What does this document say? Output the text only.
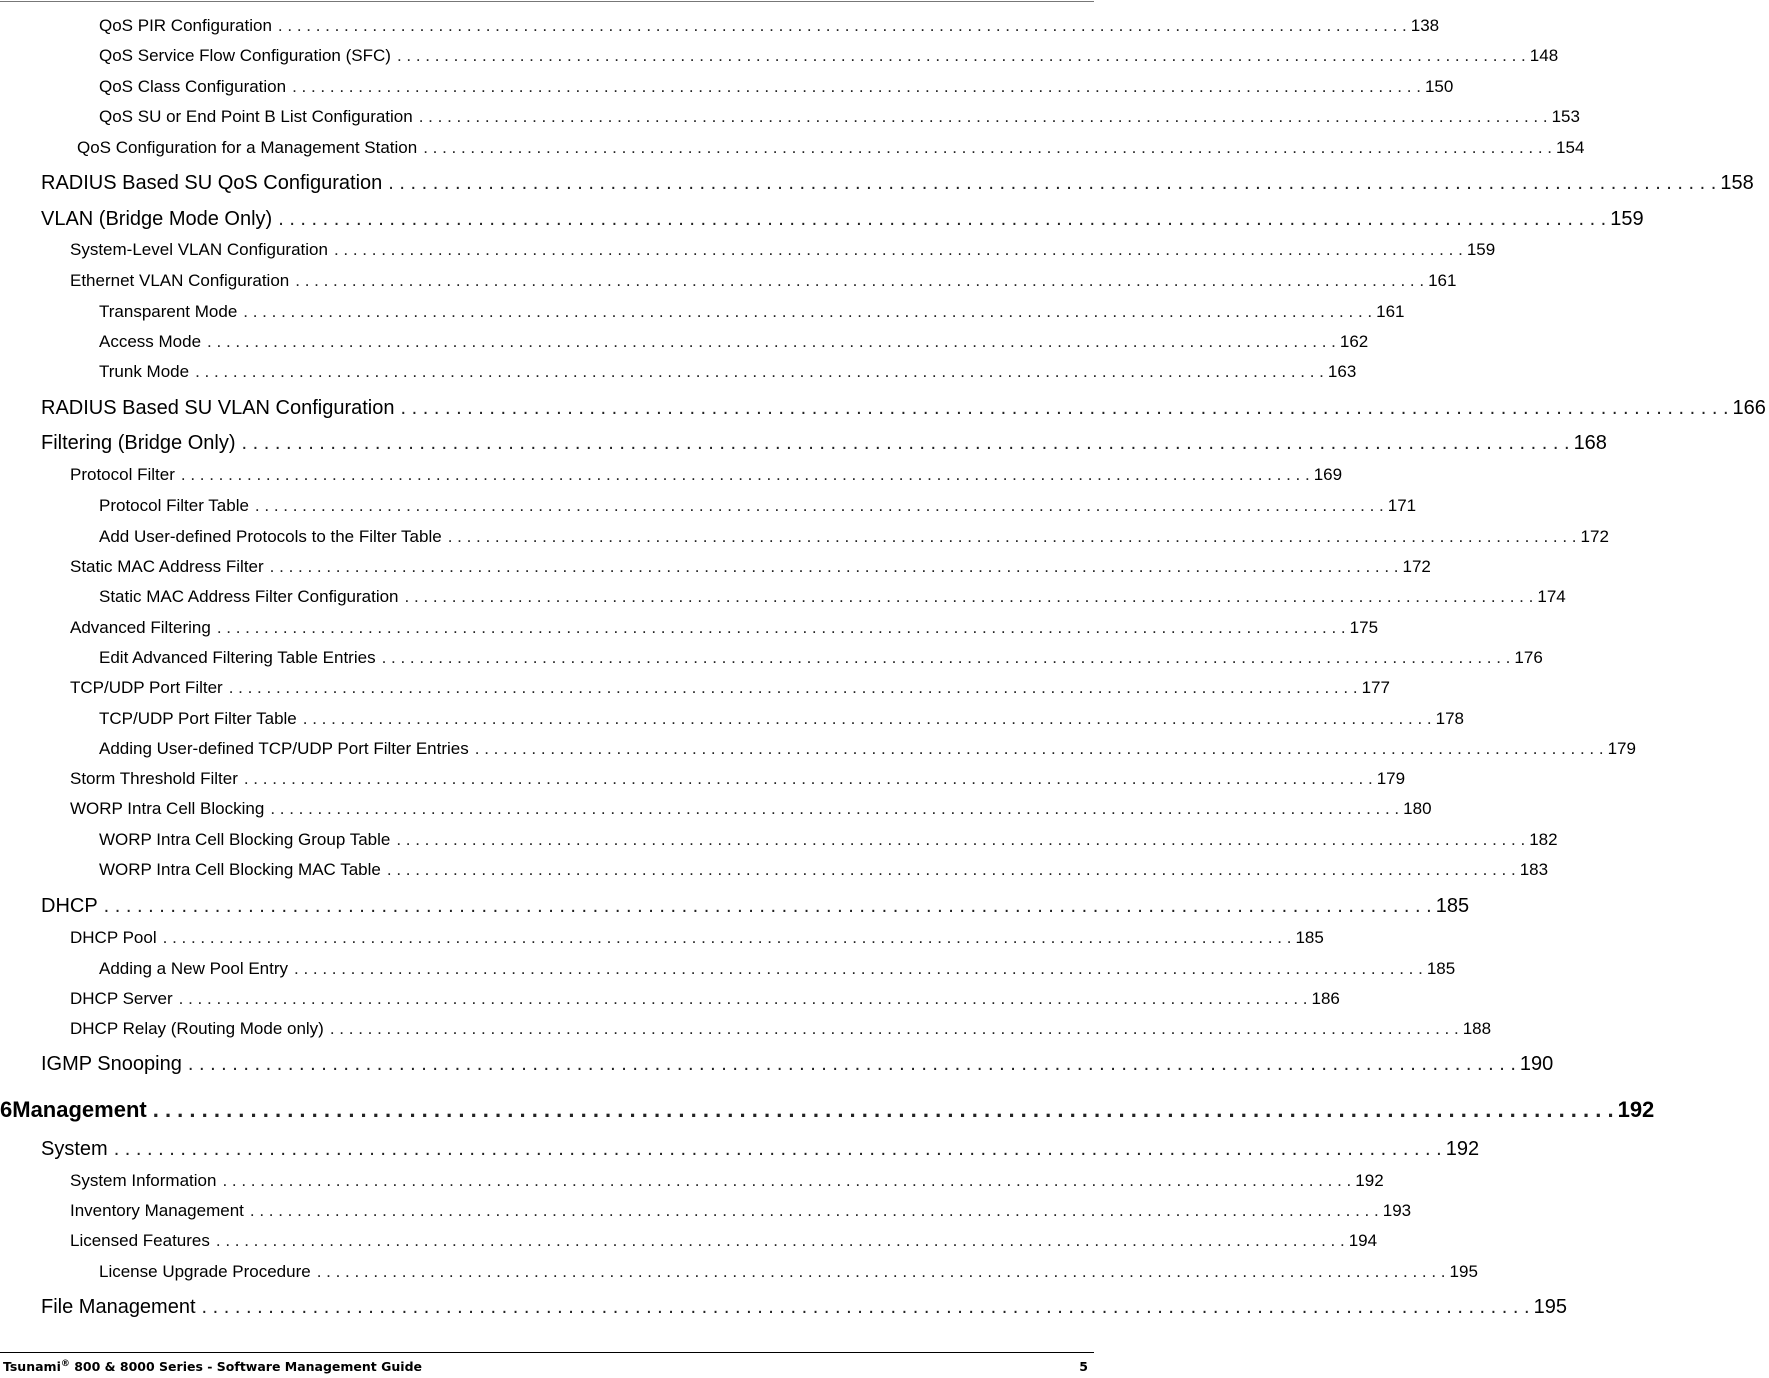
QoS PIR Configuration . . . . . . . . . . . . . . . . . . . . . . . . . . . . . . . . . . . . . . . . . . . . . . . . . . . . . . . . . . . . . . . . . . . . . . . . . . . . . . . . . . . . . . . . . . . . . . . . . . . . . . . . . . . . . . . . . . . . . . . . 138
QoS Service Flow Configuration (SFC) . . . . . . . . . . . . . . . . . . . . . . . . . . . . . . . . . . . . . . . . . . . . . . . . . . . . . . . . . . . . . . . . . . . . . . . . . . . . . . . . . . . . . . . . . . . . . . . . . . . . . . . . . . . . . . . . . . . . . . . . 148
QoS Class Configuration . . . . . . . . . . . . . . . . . . . . . . . . . . . . . . . . . . . . . . . . . . . . . . . . . . . . . . . . . . . . . . . . . . . . . . . . . . . . . . . . . . . . . . . . . . . . . . . . . . . . . . . . . . . . . . . . . . . . . . . . 150
QoS SU or End Point B List Configuration . . . . . . . . . . . . . . . . . . . . . . . . . . . . . . . . . . . . . . . . . . . . . . . . . . . . . . . . . . . . . . . . . . . . . . . . . . . . . . . . . . . . . . . . . . . . . . . . . . . . . . . . . . . . . . . . . . . . . . . . 153
QoS Configuration for a Management Station . . . . . . . . . . . . . . . . . . . . . . . . . . . . . . . . . . . . . . . . . . . . . . . . . . . . . . . . . . . . . . . . . . . . . . . . . . . . . . . . . . . . . . . . . . . . . . . . . . . . . . . . . . . . . . . . . . . . . . . . 154
RADIUS Based SU QoS Configuration . . . . . . . . . . . . . . . . . . . . . . . . . . . . . . . . . . . . . . . . . . . . . . . . . . . . . . . . . . . . . . . . . . . . . . . . . . . . . . . . . . . . . . . . . . . . . . . . . . . . . . . . . . . . . . . . . . . . . . . . 158
VLAN (Bridge Mode Only) . . . . . . . . . . . . . . . . . . . . . . . . . . . . . . . . . . . . . . . . . . . . . . . . . . . . . . . . . . . . . . . . . . . . . . . . . . . . . . . . . . . . . . . . . . . . . . . . . . . . . . . . . . . . . . . . . . . . . . . . 159
System-Level VLAN Configuration . . . . . . . . . . . . . . . . . . . . . . . . . . . . . . . . . . . . . . . . . . . . . . . . . . . . . . . . . . . . . . . . . . . . . . . . . . . . . . . . . . . . . . . . . . . . . . . . . . . . . . . . . . . . . . . . . . . . . . . . 159
Ethernet VLAN Configuration . . . . . . . . . . . . . . . . . . . . . . . . . . . . . . . . . . . . . . . . . . . . . . . . . . . . . . . . . . . . . . . . . . . . . . . . . . . . . . . . . . . . . . . . . . . . . . . . . . . . . . . . . . . . . . . . . . . . . . . . 161
Transparent Mode . . . . . . . . . . . . . . . . . . . . . . . . . . . . . . . . . . . . . . . . . . . . . . . . . . . . . . . . . . . . . . . . . . . . . . . . . . . . . . . . . . . . . . . . . . . . . . . . . . . . . . . . . . . . . . . . . . . . . . . . 161
Access Mode . . . . . . . . . . . . . . . . . . . . . . . . . . . . . . . . . . . . . . . . . . . . . . . . . . . . . . . . . . . . . . . . . . . . . . . . . . . . . . . . . . . . . . . . . . . . . . . . . . . . . . . . . . . . . . . . . . . . . . . . 162
Trunk Mode . . . . . . . . . . . . . . . . . . . . . . . . . . . . . . . . . . . . . . . . . . . . . . . . . . . . . . . . . . . . . . . . . . . . . . . . . . . . . . . . . . . . . . . . . . . . . . . . . . . . . . . . . . . . . . . . . . . . . . . . 163
RADIUS Based SU VLAN Configuration . . . . . . . . . . . . . . . . . . . . . . . . . . . . . . . . . . . . . . . . . . . . . . . . . . . . . . . . . . . . . . . . . . . . . . . . . . . . . . . . . . . . . . . . . . . . . . . . . . . . . . . . . . . . . . . . . . . . . . . . 166
Filtering (Bridge Only) . . . . . . . . . . . . . . . . . . . . . . . . . . . . . . . . . . . . . . . . . . . . . . . . . . . . . . . . . . . . . . . . . . . . . . . . . . . . . . . . . . . . . . . . . . . . . . . . . . . . . . . . . . . . . . . . . . . . . . . . 168
Protocol Filter . . . . . . . . . . . . . . . . . . . . . . . . . . . . . . . . . . . . . . . . . . . . . . . . . . . . . . . . . . . . . . . . . . . . . . . . . . . . . . . . . . . . . . . . . . . . . . . . . . . . . . . . . . . . . . . . . . . . . . . . 169
Protocol Filter Table . . . . . . . . . . . . . . . . . . . . . . . . . . . . . . . . . . . . . . . . . . . . . . . . . . . . . . . . . . . . . . . . . . . . . . . . . . . . . . . . . . . . . . . . . . . . . . . . . . . . . . . . . . . . . . . . . . . . . . . . 171
Add User-defined Protocols to the Filter Table . . . . . . . . . . . . . . . . . . . . . . . . . . . . . . . . . . . . . . . . . . . . . . . . . . . . . . . . . . . . . . . . . . . . . . . . . . . . . . . . . . . . . . . . . . . . . . . . . . . . . . . . . . . . . . . . . . . . . . . . 172
Static MAC Address Filter . . . . . . . . . . . . . . . . . . . . . . . . . . . . . . . . . . . . . . . . . . . . . . . . . . . . . . . . . . . . . . . . . . . . . . . . . . . . . . . . . . . . . . . . . . . . . . . . . . . . . . . . . . . . . . . . . . . . . . . . 172
Static MAC Address Filter Configuration . . . . . . . . . . . . . . . . . . . . . . . . . . . . . . . . . . . . . . . . . . . . . . . . . . . . . . . . . . . . . . . . . . . . . . . . . . . . . . . . . . . . . . . . . . . . . . . . . . . . . . . . . . . . . . . . . . . . . . . . 174
Advanced Filtering . . . . . . . . . . . . . . . . . . . . . . . . . . . . . . . . . . . . . . . . . . . . . . . . . . . . . . . . . . . . . . . . . . . . . . . . . . . . . . . . . . . . . . . . . . . . . . . . . . . . . . . . . . . . . . . . . . . . . . . . 175
Edit Advanced Filtering Table Entries . . . . . . . . . . . . . . . . . . . . . . . . . . . . . . . . . . . . . . . . . . . . . . . . . . . . . . . . . . . . . . . . . . . . . . . . . . . . . . . . . . . . . . . . . . . . . . . . . . . . . . . . . . . . . . . . . . . . . . . . 176
TCP/UDP Port Filter . . . . . . . . . . . . . . . . . . . . . . . . . . . . . . . . . . . . . . . . . . . . . . . . . . . . . . . . . . . . . . . . . . . . . . . . . . . . . . . . . . . . . . . . . . . . . . . . . . . . . . . . . . . . . . . . . . . . . . . . 177
TCP/UDP Port Filter Table . . . . . . . . . . . . . . . . . . . . . . . . . . . . . . . . . . . . . . . . . . . . . . . . . . . . . . . . . . . . . . . . . . . . . . . . . . . . . . . . . . . . . . . . . . . . . . . . . . . . . . . . . . . . . . . . . . . . . . . . 178
Adding User-defined TCP/UDP Port Filter Entries . . . . . . . . . . . . . . . . . . . . . . . . . . . . . . . . . . . . . . . . . . . . . . . . . . . . . . . . . . . . . . . . . . . . . . . . . . . . . . . . . . . . . . . . . . . . . . . . . . . . . . . . . . . . . . . . . . . . . . . . 179
Storm Threshold Filter . . . . . . . . . . . . . . . . . . . . . . . . . . . . . . . . . . . . . . . . . . . . . . . . . . . . . . . . . . . . . . . . . . . . . . . . . . . . . . . . . . . . . . . . . . . . . . . . . . . . . . . . . . . . . . . . . . . . . . . . 179
WORP Intra Cell Blocking . . . . . . . . . . . . . . . . . . . . . . . . . . . . . . . . . . . . . . . . . . . . . . . . . . . . . . . . . . . . . . . . . . . . . . . . . . . . . . . . . . . . . . . . . . . . . . . . . . . . . . . . . . . . . . . . . . . . . . . . 180
WORP Intra Cell Blocking Group Table . . . . . . . . . . . . . . . . . . . . . . . . . . . . . . . . . . . . . . . . . . . . . . . . . . . . . . . . . . . . . . . . . . . . . . . . . . . . . . . . . . . . . . . . . . . . . . . . . . . . . . . . . . . . . . . . . . . . . . . . 182
WORP Intra Cell Blocking MAC Table . . . . . . . . . . . . . . . . . . . . . . . . . . . . . . . . . . . . . . . . . . . . . . . . . . . . . . . . . . . . . . . . . . . . . . . . . . . . . . . . . . . . . . . . . . . . . . . . . . . . . . . . . . . . . . . . . . . . . . . . 183
DHCP . . . . . . . . . . . . . . . . . . . . . . . . . . . . . . . . . . . . . . . . . . . . . . . . . . . . . . . . . . . . . . . . . . . . . . . . . . . . . . . . . . . . . . . . . . . . . . . . . . . . . . . . . . . . . . . . . . . . . . . . 185
DHCP Pool . . . . . . . . . . . . . . . . . . . . . . . . . . . . . . . . . . . . . . . . . . . . . . . . . . . . . . . . . . . . . . . . . . . . . . . . . . . . . . . . . . . . . . . . . . . . . . . . . . . . . . . . . . . . . . . . . . . . . . . . 185
Adding a New Pool Entry . . . . . . . . . . . . . . . . . . . . . . . . . . . . . . . . . . . . . . . . . . . . . . . . . . . . . . . . . . . . . . . . . . . . . . . . . . . . . . . . . . . . . . . . . . . . . . . . . . . . . . . . . . . . . . . . . . . . . . . . 185
DHCP Server . . . . . . . . . . . . . . . . . . . . . . . . . . . . . . . . . . . . . . . . . . . . . . . . . . . . . . . . . . . . . . . . . . . . . . . . . . . . . . . . . . . . . . . . . . . . . . . . . . . . . . . . . . . . . . . . . . . . . . . . 186
DHCP Relay (Routing Mode only) . . . . . . . . . . . . . . . . . . . . . . . . . . . . . . . . . . . . . . . . . . . . . . . . . . . . . . . . . . . . . . . . . . . . . . . . . . . . . . . . . . . . . . . . . . . . . . . . . . . . . . . . . . . . . . . . . . . . . . . . 188
IGMP Snooping . . . . . . . . . . . . . . . . . . . . . . . . . . . . . . . . . . . . . . . . . . . . . . . . . . . . . . . . . . . . . . . . . . . . . . . . . . . . . . . . . . . . . . . . . . . . . . . . . . . . . . . . . . . . . . . . . . . . . . . . 190
6 Management . . . . . . . . . . . . . . . . . . . . . . . . . . . . . . . . . . . . . . . . . . . . . . . . . . . . . . . . . . . . . . . . . . . . . . . . . . . . . . . . . . . . . . . . . . . . . . . . . . . . . . . . . . . . . . . . . . . . . . . . 192
System . . . . . . . . . . . . . . . . . . . . . . . . . . . . . . . . . . . . . . . . . . . . . . . . . . . . . . . . . . . . . . . . . . . . . . . . . . . . . . . . . . . . . . . . . . . . . . . . . . . . . . . . . . . . . . . . . . . . . . . . 192
System Information . . . . . . . . . . . . . . . . . . . . . . . . . . . . . . . . . . . . . . . . . . . . . . . . . . . . . . . . . . . . . . . . . . . . . . . . . . . . . . . . . . . . . . . . . . . . . . . . . . . . . . . . . . . . . . . . . . . . . . . . 192
Inventory Management . . . . . . . . . . . . . . . . . . . . . . . . . . . . . . . . . . . . . . . . . . . . . . . . . . . . . . . . . . . . . . . . . . . . . . . . . . . . . . . . . . . . . . . . . . . . . . . . . . . . . . . . . . . . . . . . . . . . . . . . 193
Licensed Features . . . . . . . . . . . . . . . . . . . . . . . . . . . . . . . . . . . . . . . . . . . . . . . . . . . . . . . . . . . . . . . . . . . . . . . . . . . . . . . . . . . . . . . . . . . . . . . . . . . . . . . . . . . . . . . . . . . . . . . . 194
License Upgrade Procedure . . . . . . . . . . . . . . . . . . . . . . . . . . . . . . . . . . . . . . . . . . . . . . . . . . . . . . . . . . . . . . . . . . . . . . . . . . . . . . . . . . . . . . . . . . . . . . . . . . . . . . . . . . . . . . . . . . . . . . . . 195
File Management . . . . . . . . . . . . . . . . . . . . . . . . . . . . . . . . . . . . . . . . . . . . . . . . . . . . . . . . . . . . . . . . . . . . . . . . . . . . . . . . . . . . . . . . . . . . . . . . . . . . . . . . . . . . . . . . . . . . . . . . 195
Tsunami® 800 & 8000 Series - Software Management Guide	5
